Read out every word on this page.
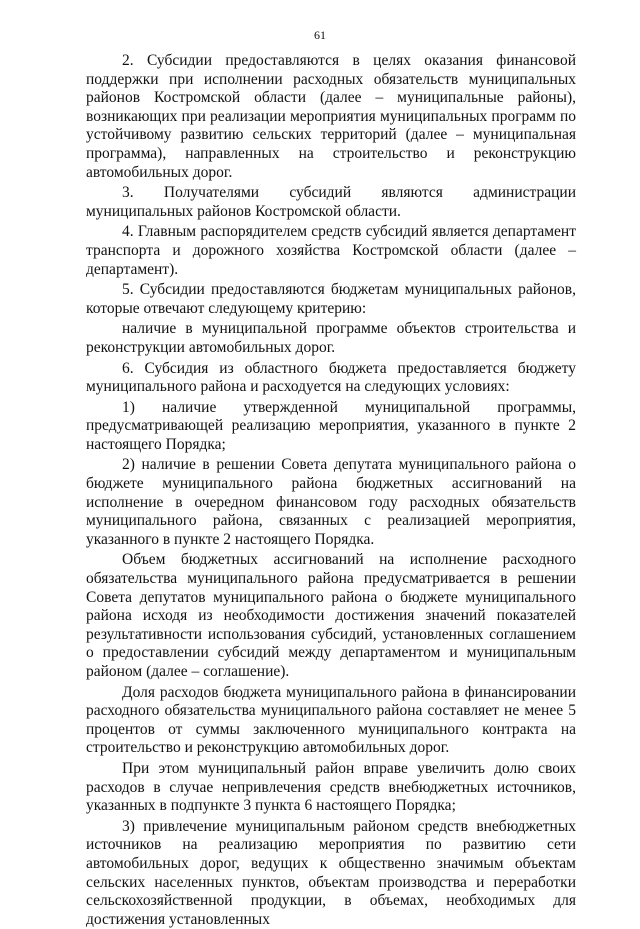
61

2. Субсидии предоставляются в целях оказания финансовой поддержки при исполнении расходных обязательств муниципальных районов Костромской области (далее – муниципальные районы), возникающих при реализации мероприятия муниципальных программ по устойчивому развитию сельских территорий (далее – муниципальная программа), направленных на строительство и реконструкцию автомобильных дорог.

3. Получателями субсидий являются администрации муниципальных районов Костромской области.

4. Главным распорядителем средств субсидий является департамент транспорта и дорожного хозяйства Костромской области (далее – департамент).

5. Субсидии предоставляются бюджетам муниципальных районов, которые отвечают следующему критерию:

наличие в муниципальной программе объектов строительства и реконструкции автомобильных дорог.

6. Субсидия из областного бюджета предоставляется бюджету муниципального района и расходуется на следующих условиях:

1) наличие утвержденной муниципальной программы, предусматривающей реализацию мероприятия, указанного в пункте 2 настоящего Порядка;

2) наличие в решении Совета депутата муниципального района о бюджете муниципального района бюджетных ассигнований на исполнение в очередном финансовом году расходных обязательств муниципального района, связанных с реализацией мероприятия, указанного в пункте 2 настоящего Порядка.

Объем бюджетных ассигнований на исполнение расходного обязательства муниципального района предусматривается в решении Совета депутатов муниципального района о бюджете муниципального района исходя из необходимости достижения значений показателей результативности использования субсидий, установленных соглашением о предоставлении субсидий между департаментом и муниципальным районом (далее – соглашение).

Доля расходов бюджета муниципального района в финансировании расходного обязательства муниципального района составляет не менее 5 процентов от суммы заключенного муниципального контракта на строительство и реконструкцию автомобильных дорог.

При этом муниципальный район вправе увеличить долю своих расходов в случае непривлечения средств внебюджетных источников, указанных в подпункте 3 пункта 6 настоящего Порядка;

3) привлечение муниципальным районом средств внебюджетных источников на реализацию мероприятия по развитию сети автомобильных дорог, ведущих к общественно значимым объектам сельских населенных пунктов, объектам производства и переработки сельскохозяйственной продукции, в объемах, необходимых для достижения установленных
